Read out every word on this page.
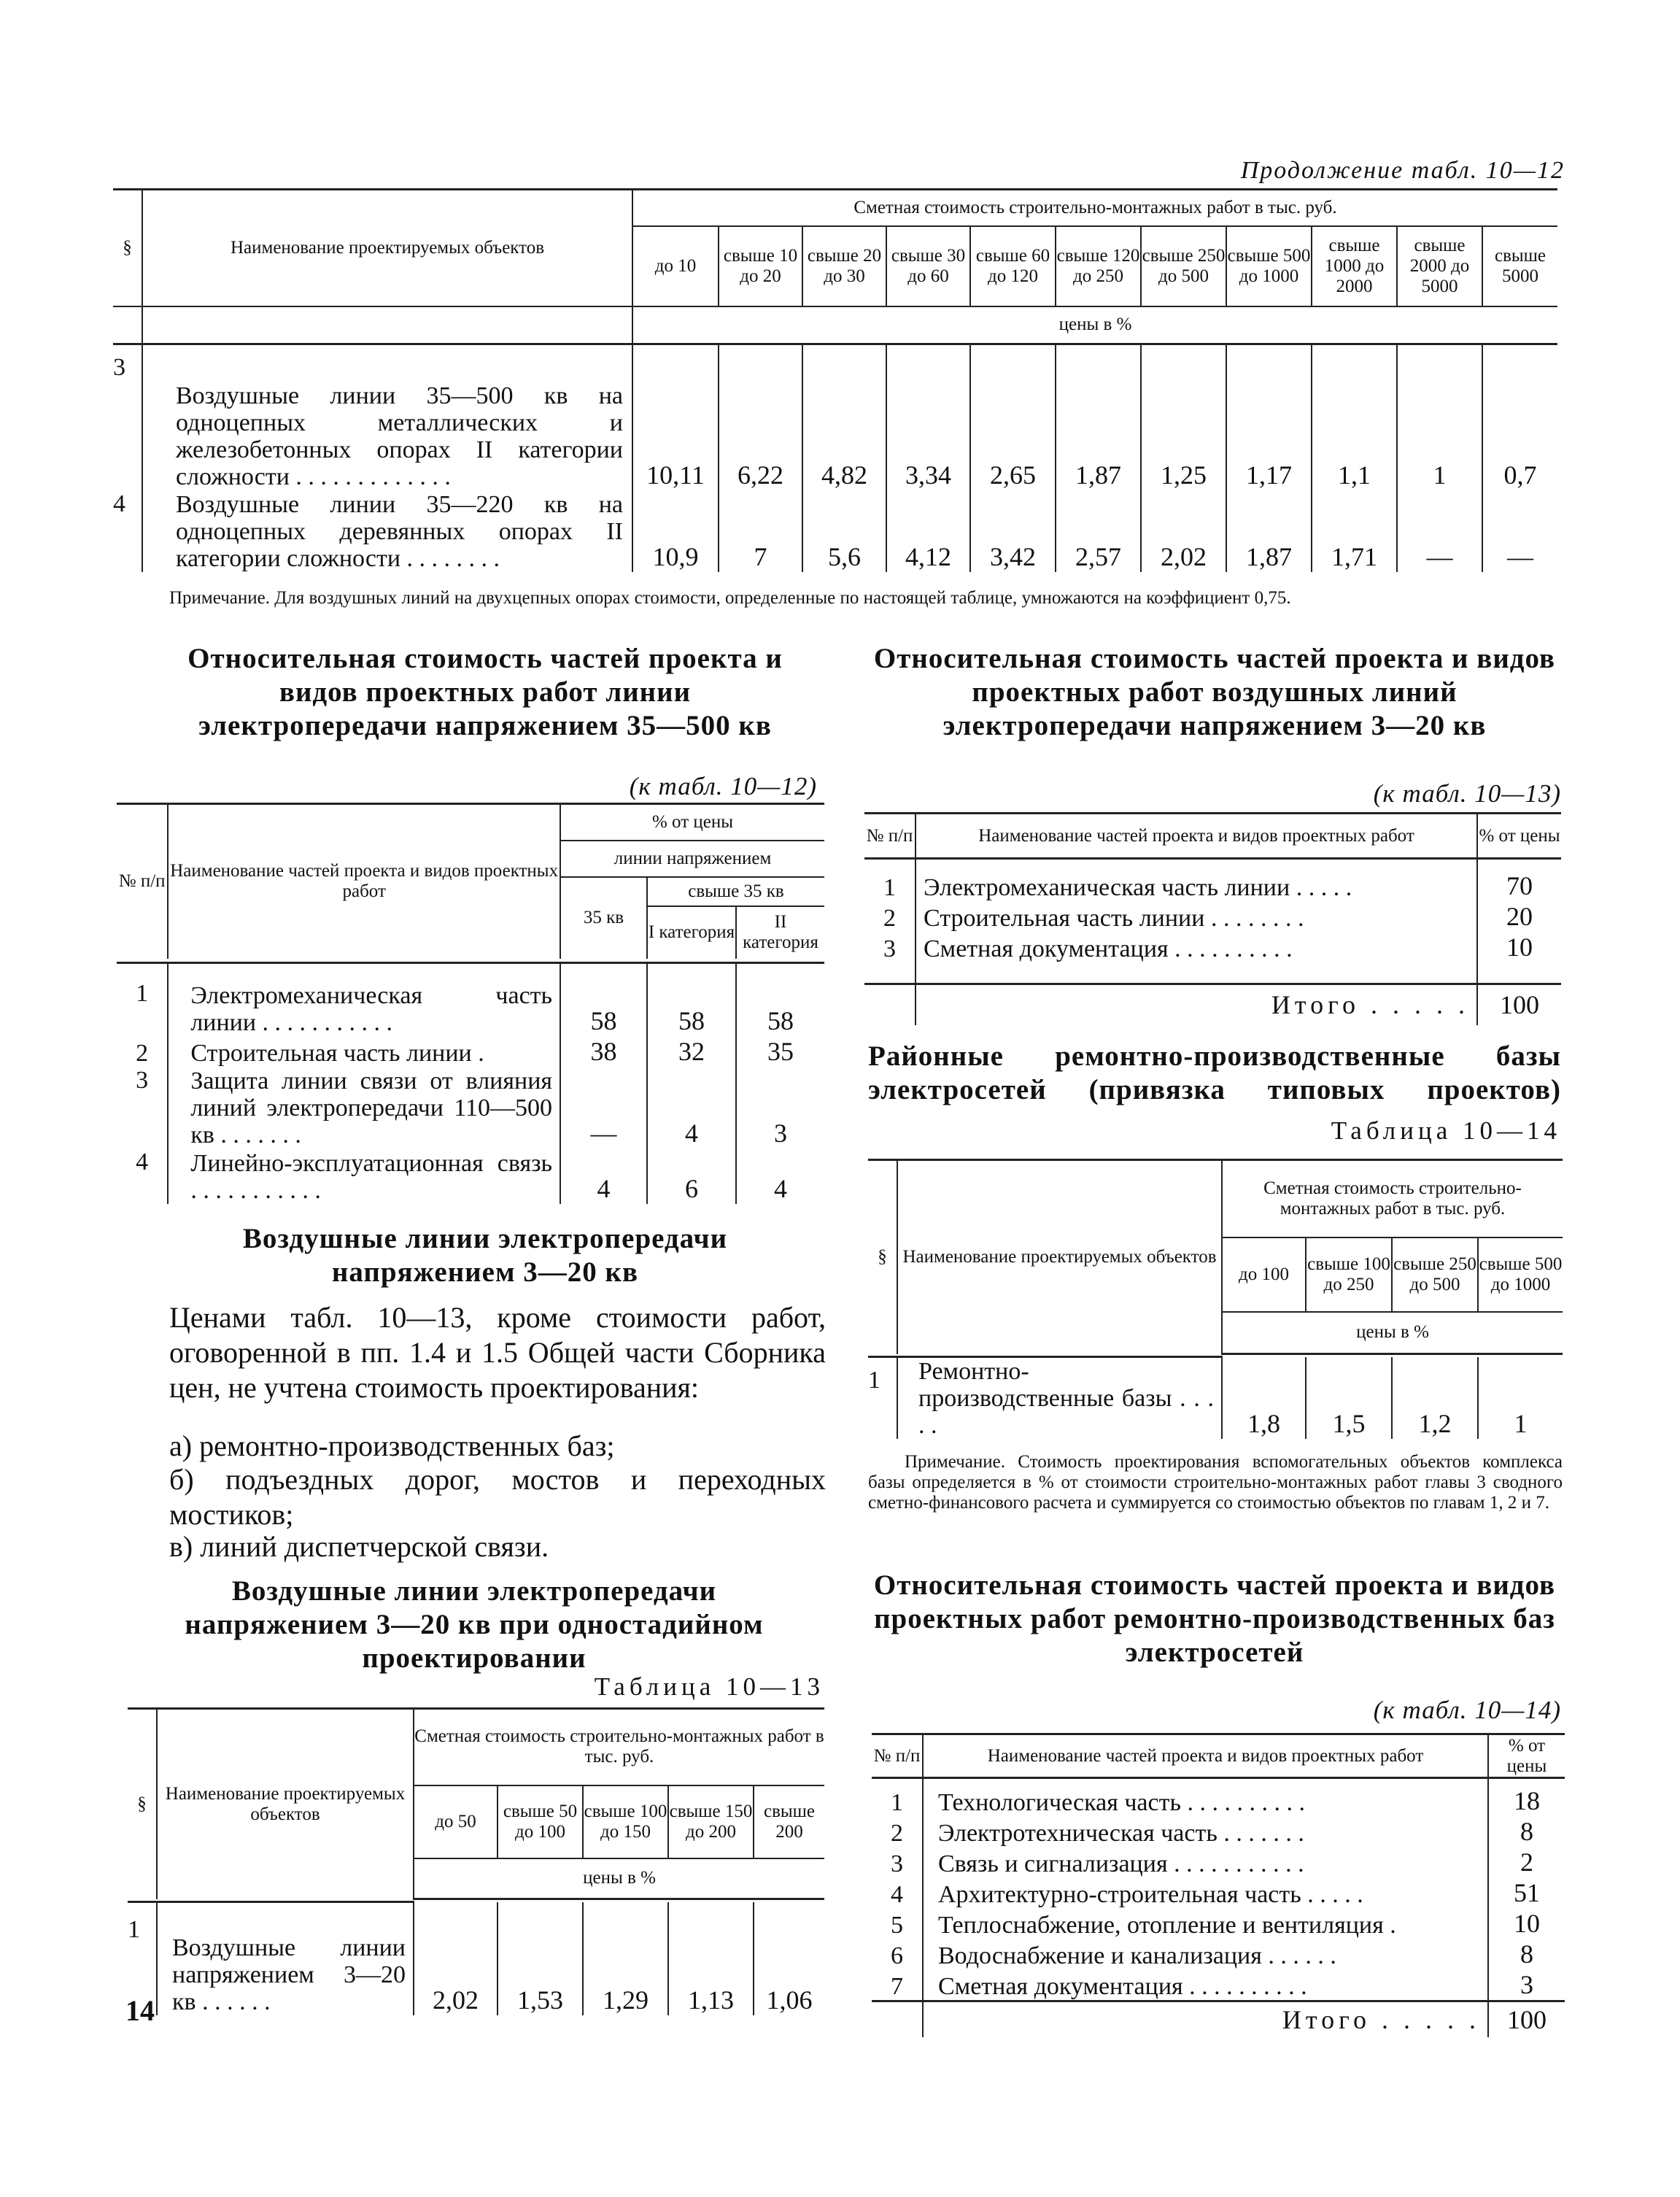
Продолжение табл. 10—12
§	Наименование проектируемых объектов	Сметная стоимость строительно-монтажных работ в тыс. руб.										
		до 10	свыше 10 до 20	свыше 20 до 30	свыше 30 до 60	свыше 60 до 120	свыше 120 до 250	свыше 250 до 500	свыше 500 до 1000	свыше 1000 до 2000	свыше 2000 до 5000	свыше 5000
		цены в %										
3	Воздушные линии 35—500 кв на одноцепных металлических и железобетонных опорах II категории сложности . . . . . . . . . . . . .	10,11	6,22	4,82	3,34	2,65	1,87	1,25	1,17	1,1	1	0,7
4	Воздушные линии 35—220 кв на одноцепных деревянных опорах II категории сложности . . . . . . . .	10,9	7	5,6	4,12	3,42	2,57	2,02	1,87	1,71	—	—
Примечание. Для воздушных линий на двухцепных опорах стоимости, определенные по настоящей таблице, умножаются на коэффициент 0,75.
Относительная стоимость частей проекта и видов проектных работ линии электропередачи напряжением 35—500 кв
(к табл. 10—12)
№ п/п	Наименование частей проекта и видов проектных работ	% от цены		
		линии напряжением		
		35 кв	свыше 35 кв	
			I категория	II категория

1	Электромеханическая часть линии . . . . . . . . . . .	58	58	58
2	Строительная часть линии .	38	32	35
3	Защита линии связи от влияния линий электропередачи 110—500 кв . . . . . . .	—	4	3
4	Линейно-эксплуатационная связь . . . . . . . . . . .	4	6	4
Воздушные линии электропередачи напряжением 3—20 кв
Ценами табл. 10—13, кроме стоимости работ, оговоренной в пп. 1.4 и 1.5 Общей части Сборника цен, не учтена стоимость проектирования:
а) ремонтно-производственных баз;
б) подъездных дорог, мостов и переходных мостиков;
в) линий диспетчерской связи.
Воздушные линии электропередачи напряжением 3—20 кв при одностадийном проектировании
Таблица 10—13
§	Наименование проектируемых объектов	Сметная стоимость строительно-монтажных работ в тыс. руб.				
		до 50	свыше 50 до 100	свыше 100 до 150	свыше 150 до 200	свыше 200
		цены в %				

1	Воздушные линии напряжением 3—20 кв . . . . . .	2,02	1,53	1,29	1,13	1,06
14
Относительная стоимость частей проекта и видов проектных работ воздушных линий электропередачи напряжением 3—20 кв
(к табл. 10—13)
№ п/п	Наименование частей проекта и видов проектных работ	% от цены
1	Электромеханическая часть линии . . . . .	70
2	Строительная часть линии . . . . . . . .	20
3	Сметная документация . . . . . . . . . .	10

	Итого . . . . .	100
Районные ремонтно-производственные базы электросетей (привязка типовых проектов)
Таблица 10—14
§	Наименование проектируемых объектов	Сметная стоимость строительно-монтажных работ в тыс. руб.			
		до 100	свыше 100 до 250	свыше 250 до 500	свыше 500 до 1000
		цены в %			

1	Ремонтно-производственные базы . . . . .	1,8	1,5	1,2	1
Примечание. Стоимость проектирования вспомогательных объектов комплекса базы определяется в % от стоимости строительно-монтажных работ главы 3 сводного сметно-финансового расчета и суммируется со стоимостью объектов по главам 1, 2 и 7.
Относительная стоимость частей проекта и видов проектных работ ремонтно-производственных баз электросетей
(к табл. 10—14)
№ п/п	Наименование частей проекта и видов проектных работ	% от цены
1	Технологическая часть . . . . . . . . . .	18
2	Электротехническая часть . . . . . . .	8
3	Связь и сигнализация . . . . . . . . . . .	2
4	Архитектурно-строительная часть . . . . .	51
5	Теплоснабжение, отопление и вентиляция .	10
6	Водоснабжение и канализация . . . . . .	8
7	Сметная документация . . . . . . . . . .	3
	Итого . . . . .	100
